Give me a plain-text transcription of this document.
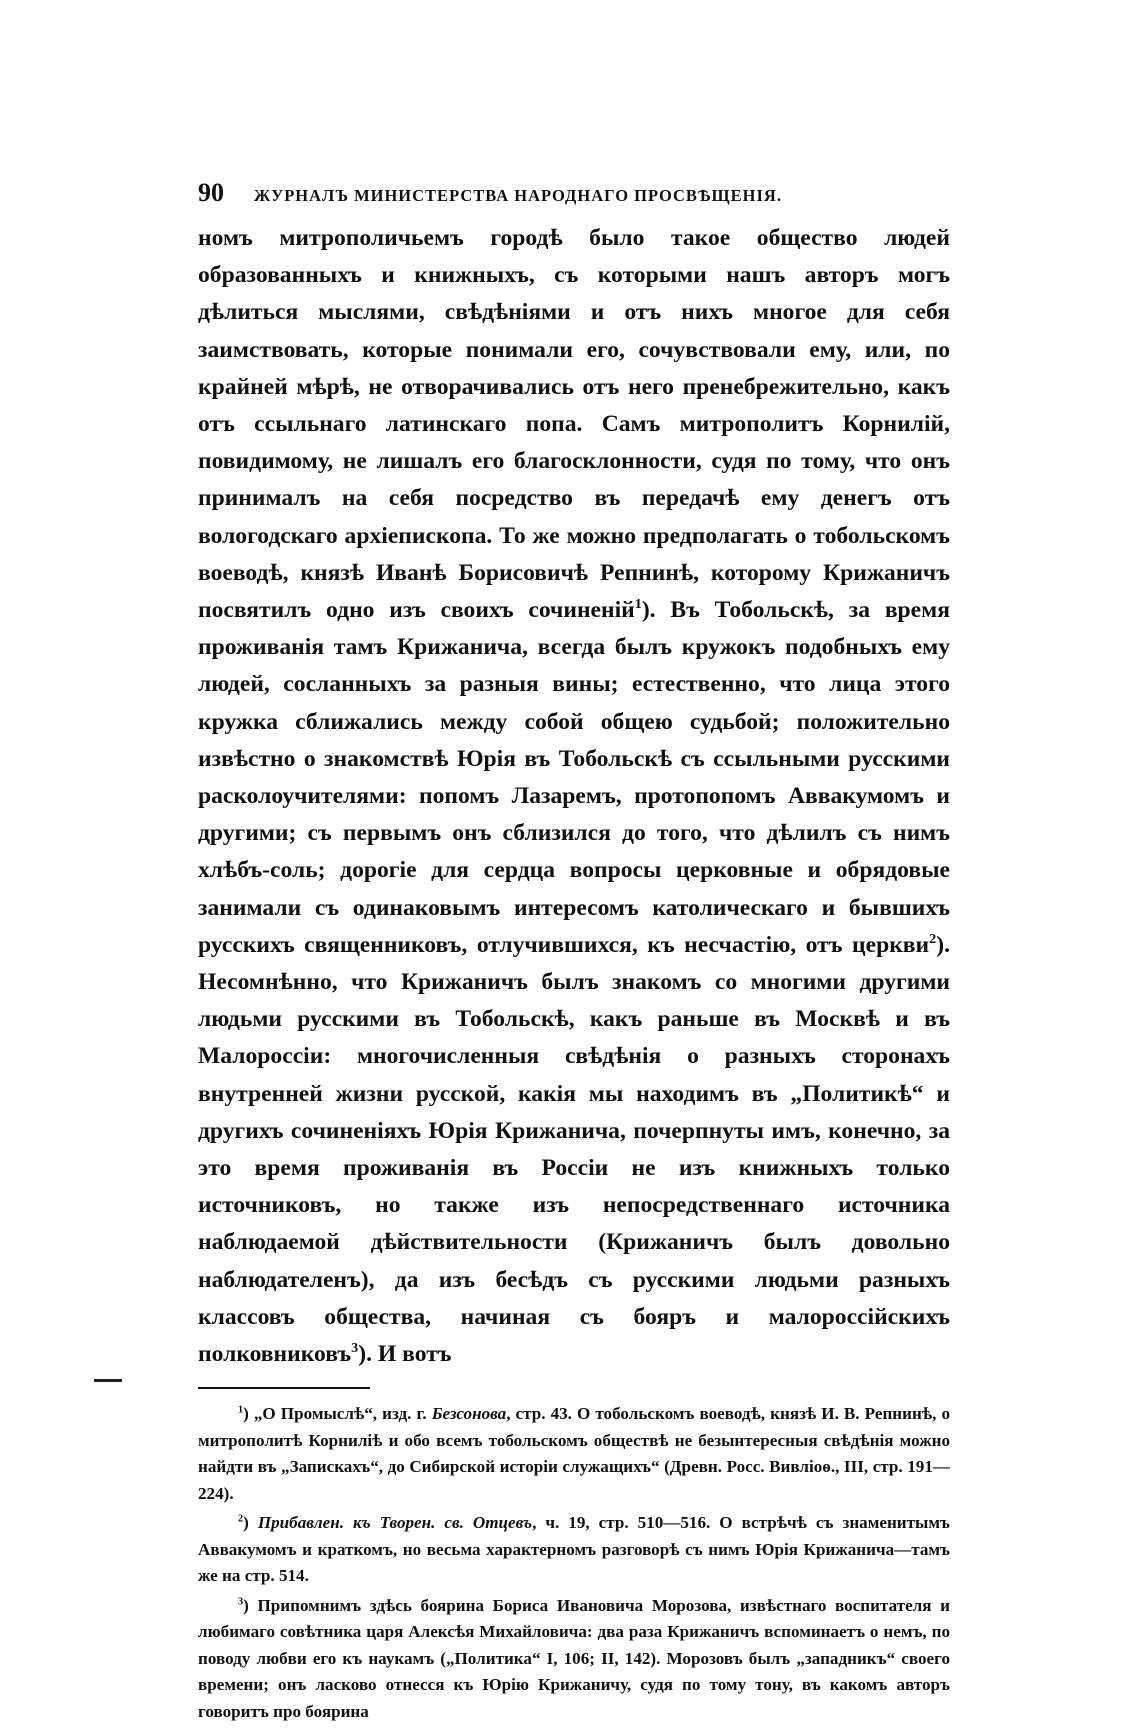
90 ЖУРНАЛЪ МИНИСТЕРСТВА НАРОДНАГО ПРОСВѢЩЕНІЯ.

номъ митрополичьемъ городѣ было такое общество людей образованныхъ и книжныхъ, съ которыми нашъ авторъ могъ дѣлиться мыслями, свѣдѣніями и отъ нихъ многое для себя заимствовать, которые понимали его, сочувствовали ему, или, по крайней мѣрѣ, не отворачивались отъ него пренебрежительно, какъ отъ ссыльнаго латинскаго попа. Самъ митрополитъ Корнилій, повидимому, не лишалъ его благосклонности, судя по тому, что онъ принималъ на себя посредство въ передачѣ ему денегъ отъ вологодскаго архіепископа. То же можно предполагать о тобольскомъ воеводѣ, князѣ Иванѣ Борисовичѣ Репнинѣ, которому Крижаничъ посвятилъ одно изъ своихъ сочиненій$^1$). Въ Тобольскѣ, за время проживанія тамъ Крижанича, всегда былъ кружокъ подобныхъ ему людей, сосланныхъ за разныя вины; естественно, что лица этого кружка сближались между собой общею судьбой; положительно извѣстно о знакомствѣ Юрія въ Тобольскѣ съ ссыльными русскими расколоучителями: попомъ Лазаремъ, протопопомъ Аввакумомъ и другими; съ первымъ онъ сблизился до того, что дѣлилъ съ нимъ хлѣбъ-соль; дорогіе для сердца вопросы церковные и обрядовые занимали съ одинаковымъ интересомъ католическаго и бывшихъ русскихъ священниковъ, отлучившихся, къ несчастію, отъ церкви$^2$). Несомнѣнно, что Крижаничъ былъ знакомъ со многими другими людьми русскими въ Тобольскѣ, какъ раньше въ Москвѣ и въ Малороссіи: многочисленныя свѣдѣнія о разныхъ сторонахъ внутренней жизни русской, какія мы находимъ въ „Политикѣ“ и другихъ сочиненіяхъ Юрія Крижанича, почерпнуты имъ, конечно, за это время проживанія въ Россіи не изъ книжныхъ только источниковъ, но также изъ непосредственнаго источника наблюдаемой дѣйствительности (Крижаничъ былъ довольно наблюдателенъ), да изъ бесѣдъ съ русскими людьми разныхъ классовъ общества, начиная съ бояръ и малороссійскихъ полковниковъ$^3$). И вотъ

$^1$) „О Промыслѣ“, изд. г. Безсонова, стр. 43. О тобольскомъ воеводѣ, князѣ И. В. Репнинѣ, о митрополитѣ Корниліѣ и обо всемъ тобольскомъ обществѣ не безынтересныя свѣдѣнія можно найдти въ „Запискахъ“, до Сибирской исторіи служащихъ“ (Древн. Росс. Вивліоѳ., III, стр. 191—224).

$^2$) Прибавлен. къ Творен. св. Отцевъ, ч. 19, стр. 510—516. О встрѣчѣ съ знаменитымъ Аввакумомъ и краткомъ, но весьма характерномъ разговорѣ съ нимъ Юрія Крижанича—тамъ же на стр. 514.

$^3$) Припомнимъ здѣсь боярина Бориса Ивановича Морозова, извѣстнаго воспитателя и любимаго совѣтника царя Алексѣя Михайловича: два раза Крижаничъ вспоминаетъ о немъ, по поводу любви его къ наукамъ („Политика“ I, 106; II, 142). Морозовъ былъ „западникъ“ своего времени; онъ ласково отнесся къ Юрію Крижаничу, судя по тому тону, въ какомъ авторъ говоритъ про боярина
